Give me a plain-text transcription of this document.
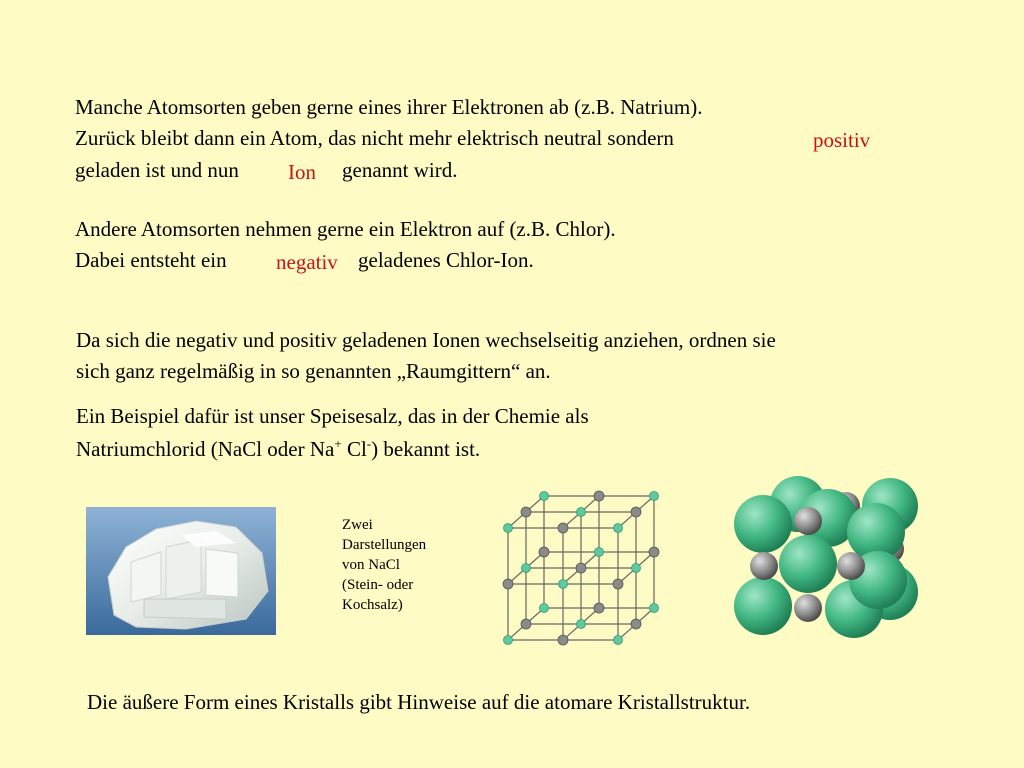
Manche Atomsorten geben gerne eines ihrer Elektronen ab (z.B. Natrium).
Zurück bleibt dann ein Atom, das nicht mehr elektrisch neutral sondern	positiv
geladen ist und nun Ion genannt wird.
Andere Atomsorten nehmen gerne ein Elektron auf (z.B. Chlor).
Dabei entsteht ein negativ geladenes Chlor-Ion.
Da sich die negativ und positiv geladenen Ionen wechselseitig anziehen, ordnen sie
sich ganz regelmäßig in so genannten „Raumgittern“ an.
Ein Beispiel dafür ist unser Speisesalz, das in der Chemie als
Natriumchlorid (NaCl oder Na+ Cl-) bekannt ist.
Zwei
Darstellungen
von NaCl
(Stein- oder
Kochsalz)
Die äußere Form eines Kristalls gibt Hinweise auf die atomare Kristallstruktur.
